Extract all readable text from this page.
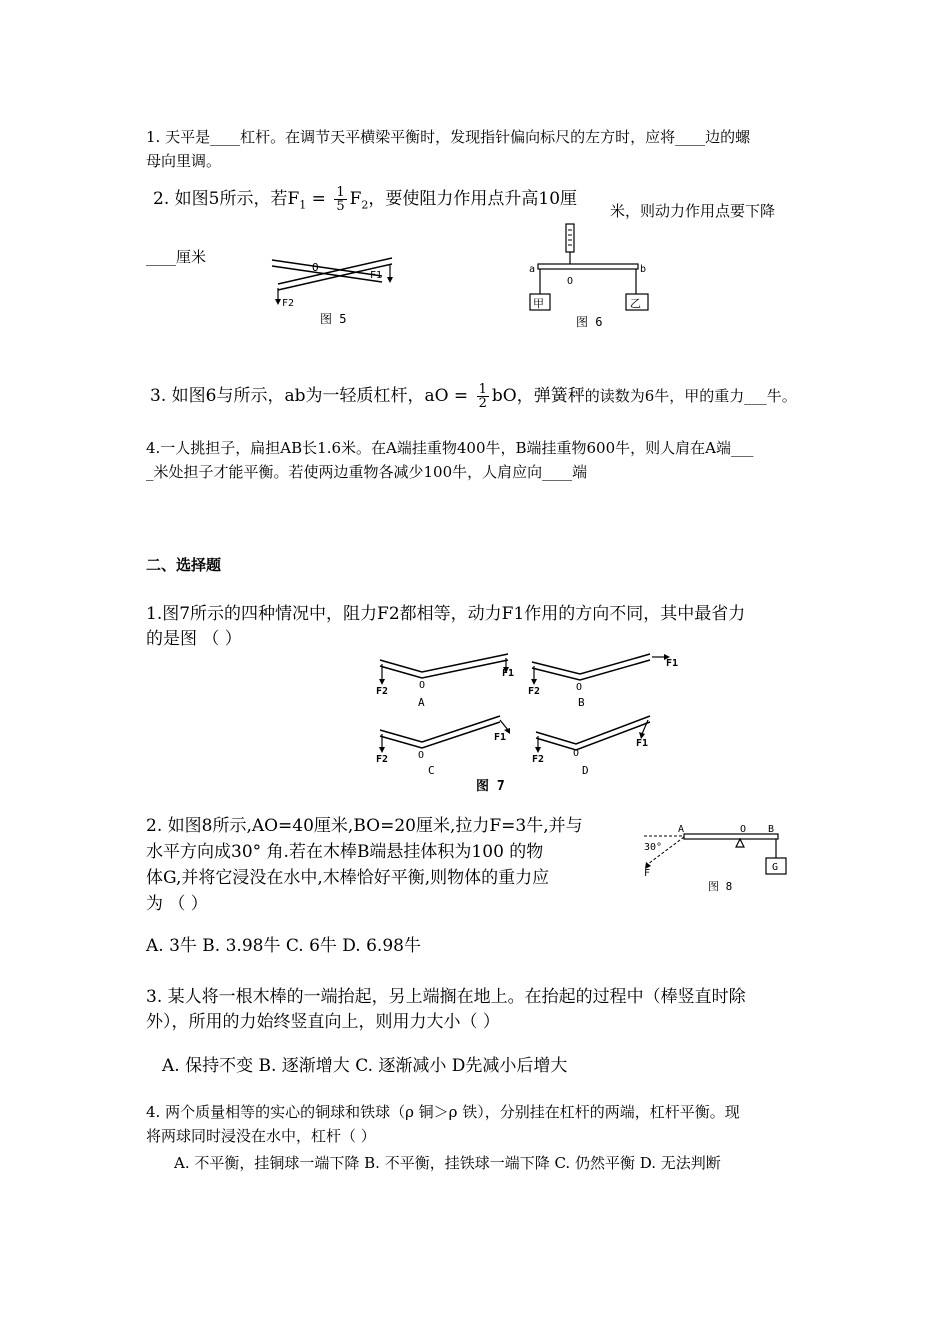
1. 天平是____杠杆。在调节天平横梁平衡时，发现指针偏向标尺的左方时，应将____边的螺
母向里调。
2. 如图5所示，若$F_1 = \frac{1}{5} F_2$，要使阻力作用点升高10厘
米，则动力作用点要下降
____厘米
O
F2
F1
图 5
a	b
O
甲	乙
图 6
3. 如图6与所示，ab为一轻质杠杆，aO = $\frac{1}{2}$ bO，弹簧秤的读数为6牛，甲的重力___牛。
4.一人挑担子，扁担AB长1.6米。在A端挂重物400牛，B端挂重物600牛，则人肩在A端___
_米处担子才能平衡。若使两边重物各减少100牛，人肩应向____端
二、选择题
1.图7所示的四种情况中，阻力F2都相等，动力F1作用的方向不同，其中最省力
的是图 （ ）
F2
O
F1
A
F2	O
F1
B
F2	O
F1
C
F2
O
F1
D
图 7
2. 如图8所示,AO=40厘米,BO=20厘米,拉力F=3牛,并与
水平方向成30° 角.若在木棒B端悬挂体积为100 的物
体G,并将它浸没在水中,木棒恰好平衡,则物体的重力应
为 （ ）
A	O B
30°
F
G
图 8
A. 3牛 B. 3.98牛 C. 6牛 D. 6.98牛
3. 某人将一根木棒的一端抬起，另上端搁在地上。在抬起的过程中（棒竖直时除
外），所用的力始终竖直向上，则用力大小（ ）
A. 保持不变 B. 逐渐增大 C. 逐渐减小 D先减小后增大
4. 两个质量相等的实心的铜球和铁球（ρ 铜＞ρ 铁），分别挂在杠杆的两端，杠杆平衡。现
将两球同时浸没在水中，杠杆（ ）
A. 不平衡，挂铜球一端下降 B. 不平衡，挂铁球一端下降 C. 仍然平衡 D. 无法判断
